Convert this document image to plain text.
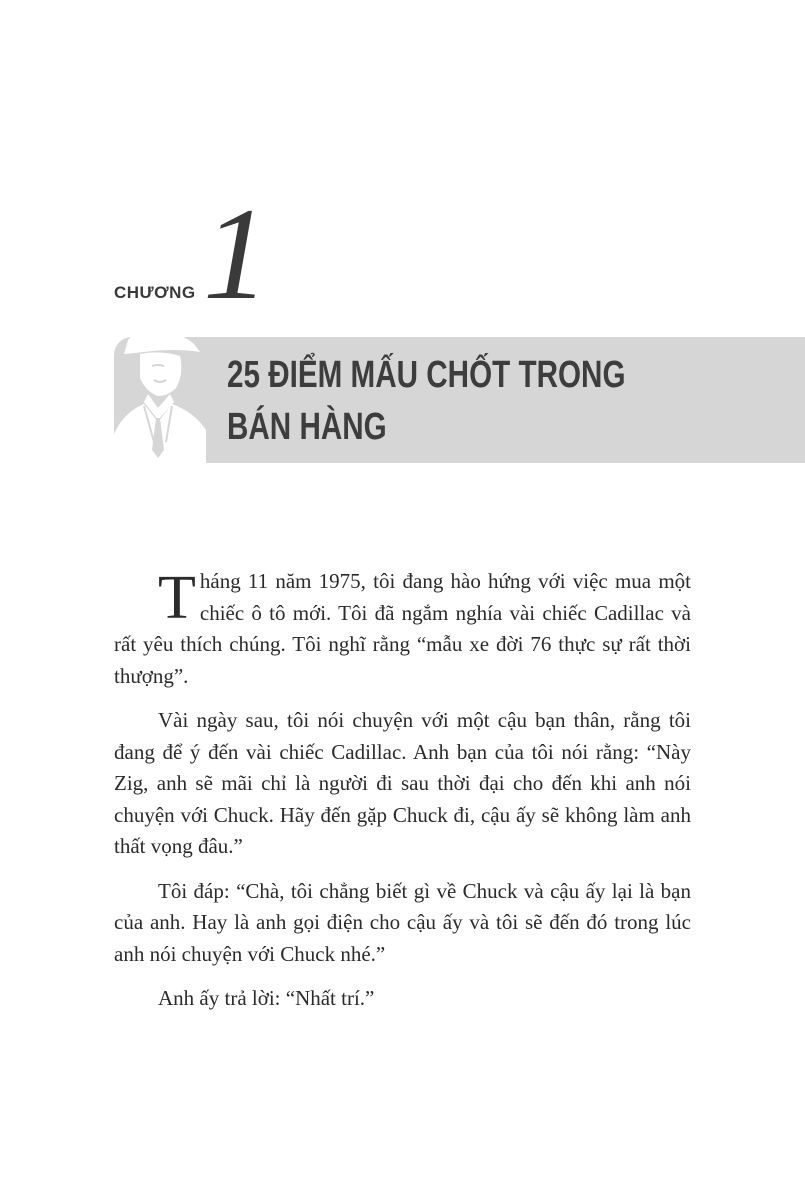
CHƯƠNG 1
25 ĐIỂM MẤU CHỐT TRONG
BÁN HÀNG

Tháng 11 năm 1975, tôi đang hào hứng với việc mua một chiếc ô tô mới. Tôi đã ngắm nghía vài chiếc Cadillac và rất yêu thích chúng. Tôi nghĩ rằng “mẫu xe đời 76 thực sự rất thời thượng”.

Vài ngày sau, tôi nói chuyện với một cậu bạn thân, rằng tôi đang để ý đến vài chiếc Cadillac. Anh bạn của tôi nói rằng: “Này Zig, anh sẽ mãi chỉ là người đi sau thời đại cho đến khi anh nói chuyện với Chuck. Hãy đến gặp Chuck đi, cậu ấy sẽ không làm anh thất vọng đâu.”

Tôi đáp: “Chà, tôi chẳng biết gì về Chuck và cậu ấy lại là bạn của anh. Hay là anh gọi điện cho cậu ấy và tôi sẽ đến đó trong lúc anh nói chuyện với Chuck nhé.”

Anh ấy trả lời: “Nhất trí.”
